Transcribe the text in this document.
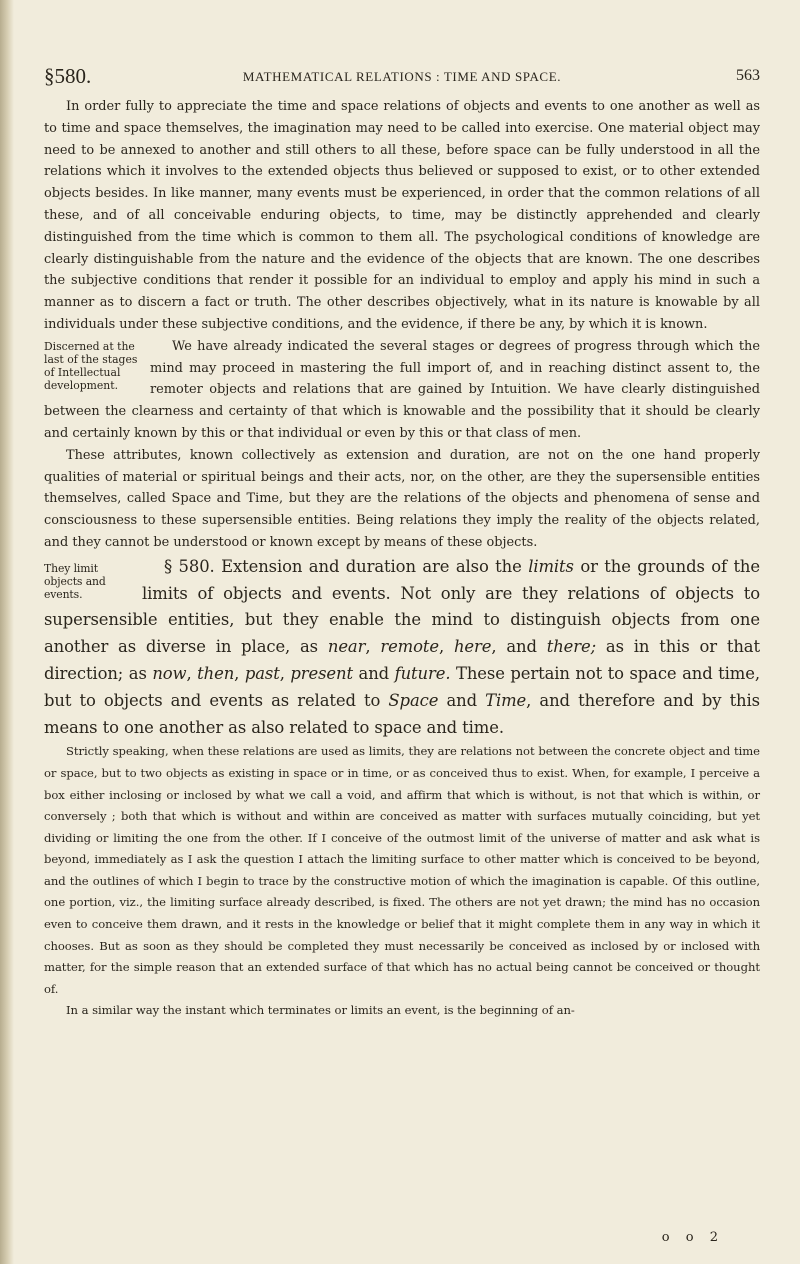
§580.	MATHEMATICAL RELATIONS : TIME AND SPACE.	563

In order fully to appreciate the time and space relations of objects and events to one another as well as to time and space themselves, the imagination may need to be called into exercise. One material object may need to be annexed to another and still others to all these, before space can be fully understood in all the relations which it involves to the extended objects thus believed or supposed to exist, or to other extended objects besides. In like manner, many events must be experienced, in order that the common relations of all these, and of all conceivable enduring objects, to time, may be distinctly apprehended and clearly distinguished from the time which is common to them all. The psychological conditions of knowledge are clearly distinguishable from the nature and the evidence of the objects that are known. The one describes the subjective conditions that render it possible for an individual to employ and apply his mind in such a manner as to discern a fact or truth. The other describes objectively, what in its nature is knowable by all individuals under these subjective conditions, and the evidence, if there be any, by which it is known.

Discerned at the last of the stages of Intellectual development.
We have already indicated the several stages or degrees of progress through which the mind may proceed in mastering the full import of, and in reaching distinct assent to, the remoter objects and relations that are gained by Intuition. We have clearly distinguished between the clearness and certainty of that which is knowable and the possibility that it should be clearly and certainly known by this or that individual or even by this or that class of men.

These attributes, known collectively as extension and duration, are not on the one hand properly qualities of material or spiritual beings and their acts, nor, on the other, are they the supersensible entities themselves, called Space and Time, but they are the relations of the objects and phenomena of sense and consciousness to these supersensible entities. Being relations they imply the reality of the objects related, and they cannot be understood or known except by means of these objects.

They limit objects and events.
§ 580. Extension and duration are also the limits or the grounds of the limits of objects and events. Not only are they relations of objects to supersensible entities, but they enable the mind to distinguish objects from one another as diverse in place, as near, remote, here, and there; as in this or that direction; as now, then, past, present and future. These pertain not to space and time, but to objects and events as related to Space and Time, and therefore and by this means to one another as also related to space and time.

Strictly speaking, when these relations are used as limits, they are relations not between the concrete object and time or space, but to two objects as existing in space or in time, or as conceived thus to exist. When, for example, I perceive a box either inclosing or inclosed by what we call a void, and affirm that which is without, is not that which is within, or conversely ; both that which is without and within are conceived as matter with surfaces mutually coinciding, but yet dividing or limiting the one from the other. If I conceive of the outmost limit of the universe of matter and ask what is beyond, immediately as I ask the question I attach the limiting surface to other matter which is conceived to be beyond, and the outlines of which I begin to trace by the constructive motion of which the imagination is capable. Of this outline, one portion, viz., the limiting surface already described, is fixed. The others are not yet drawn; the mind has no occasion even to conceive them drawn, and it rests in the knowledge or belief that it might complete them in any way in which it chooses. But as soon as they should be completed they must necessarily be conceived as inclosed by or inclosed with matter, for the simple reason that an extended surface of that which has no actual being cannot be conceived or thought of.

In a similar way the instant which terminates or limits an event, is the beginning of an-

o o 2
